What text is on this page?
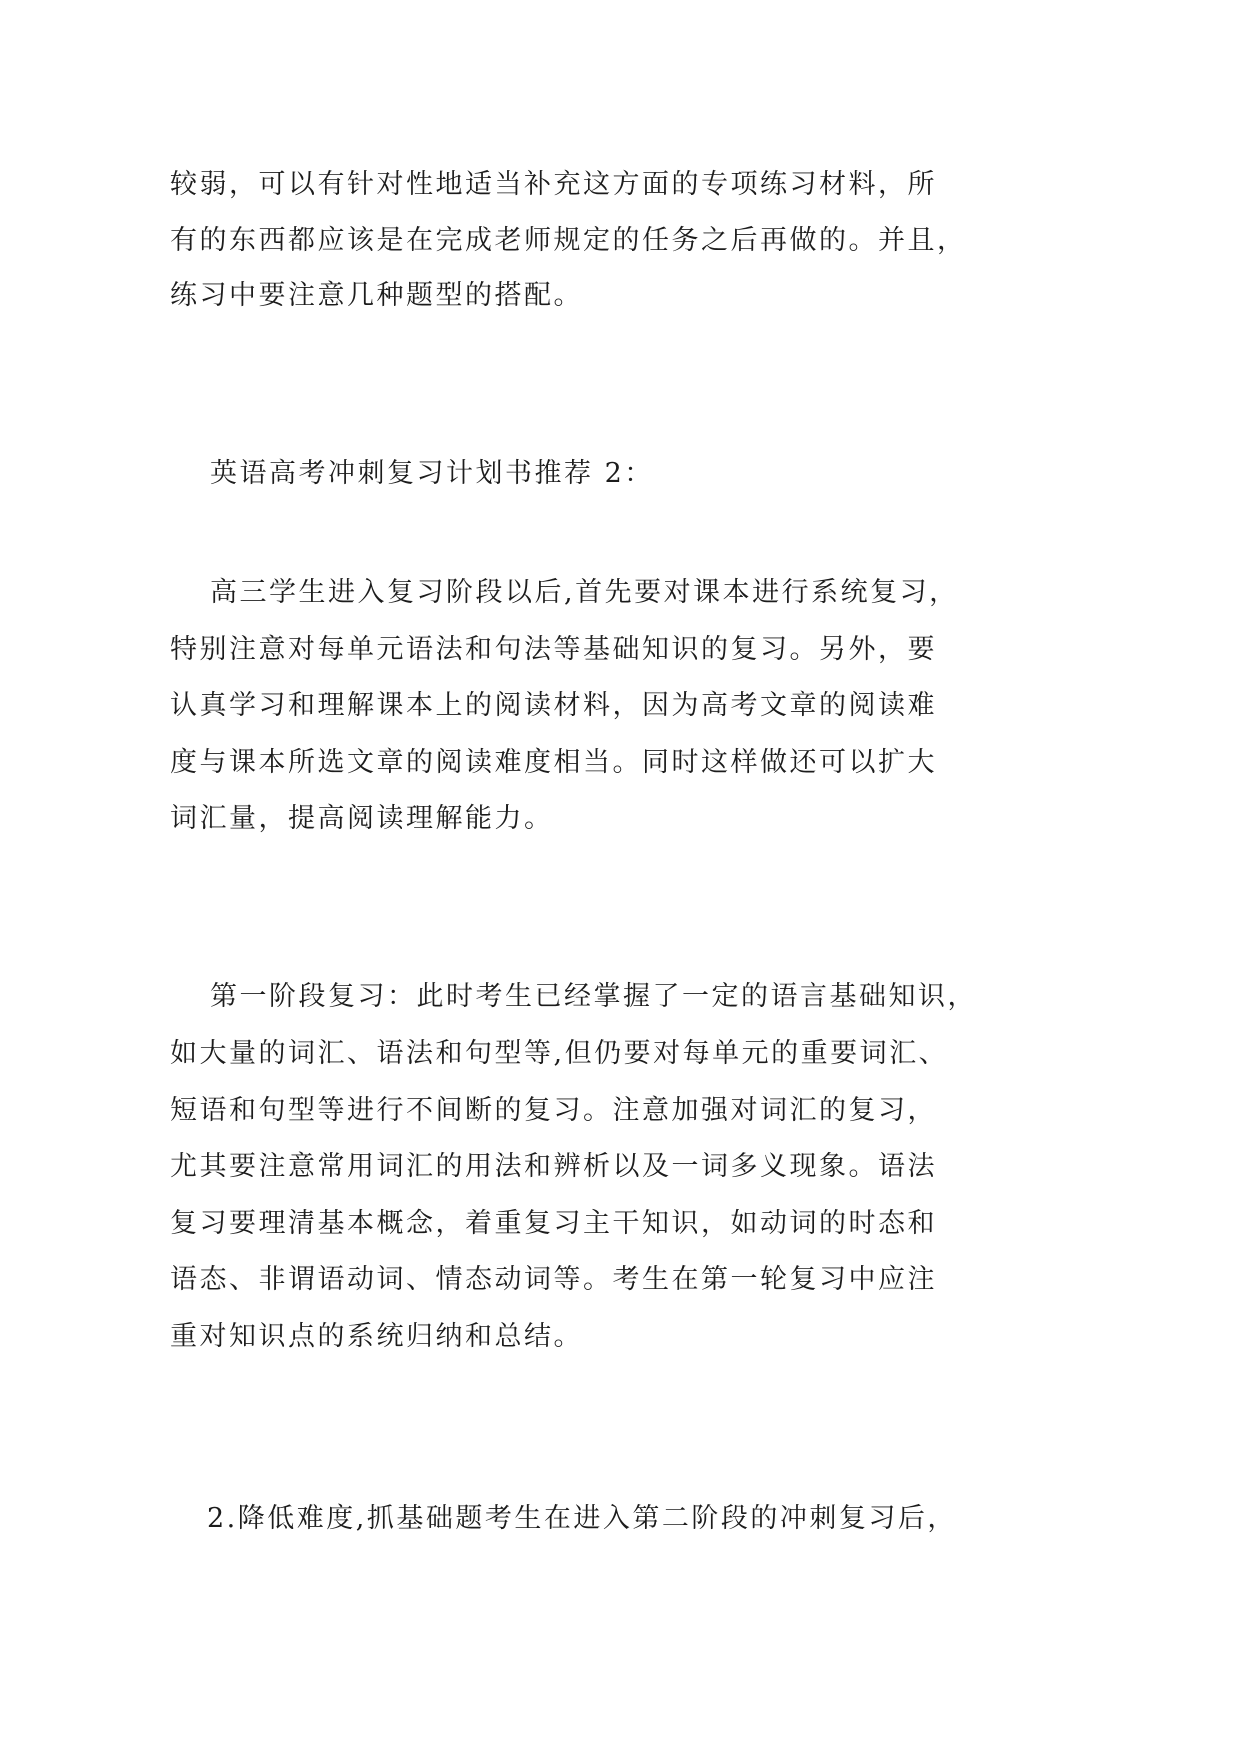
较弱，可以有针对性地适当补充这方面的专项练习材料，所
有的东西都应该是在完成老师规定的任务之后再做的。并且，
练习中要注意几种题型的搭配。
英语高考冲刺复习计划书推荐 2：
高三学生进入复习阶段以后,首先要对课本进行系统复习，
特别注意对每单元语法和句法等基础知识的复习。另外，要
认真学习和理解课本上的阅读材料，因为高考文章的阅读难
度与课本所选文章的阅读难度相当。同时这样做还可以扩大
词汇量，提高阅读理解能力。
第一阶段复习：此时考生已经掌握了一定的语言基础知识，
如大量的词汇、语法和句型等,但仍要对每单元的重要词汇、
短语和句型等进行不间断的复习。注意加强对词汇的复习，
尤其要注意常用词汇的用法和辨析以及一词多义现象。语法
复习要理清基本概念，着重复习主干知识，如动词的时态和
语态、非谓语动词、情态动词等。考生在第一轮复习中应注
重对知识点的系统归纳和总结。
2.降低难度,抓基础题考生在进入第二阶段的冲刺复习后，
